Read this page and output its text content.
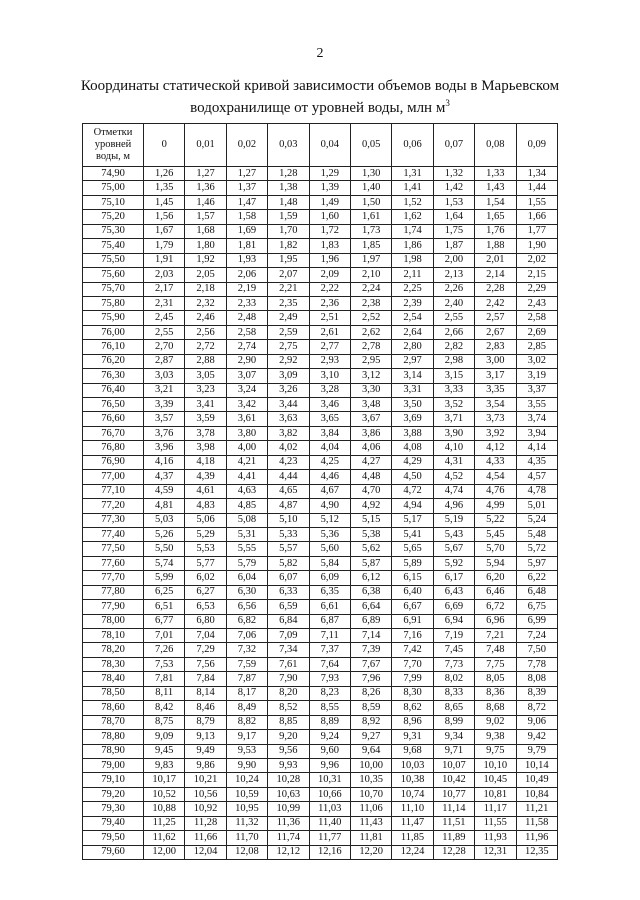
2
Координаты статической кривой зависимости объемов воды в Марьевском
водохранилище от уровней воды, млн $м^3$
Отметки уровней воды, м	0	0,01	0,02	0,03	0,04	0,05	0,06	0,07	0,08	0,09
74,90	1,26	1,27	1,27	1,28	1,29	1,30	1,31	1,32	1,33	1,34
75,00	1,35	1,36	1,37	1,38	1,39	1,40	1,41	1,42	1,43	1,44
75,10	1,45	1,46	1,47	1,48	1,49	1,50	1,52	1,53	1,54	1,55
75,20	1,56	1,57	1,58	1,59	1,60	1,61	1,62	1,64	1,65	1,66
75,30	1,67	1,68	1,69	1,70	1,72	1,73	1,74	1,75	1,76	1,77
75,40	1,79	1,80	1,81	1,82	1,83	1,85	1,86	1,87	1,88	1,90
75,50	1,91	1,92	1,93	1,95	1,96	1,97	1,98	2,00	2,01	2,02
75,60	2,03	2,05	2,06	2,07	2,09	2,10	2,11	2,13	2,14	2,15
75,70	2,17	2,18	2,19	2,21	2,22	2,24	2,25	2,26	2,28	2,29
75,80	2,31	2,32	2,33	2,35	2,36	2,38	2,39	2,40	2,42	2,43
75,90	2,45	2,46	2,48	2,49	2,51	2,52	2,54	2,55	2,57	2,58
76,00	2,55	2,56	2,58	2,59	2,61	2,62	2,64	2,66	2,67	2,69
76,10	2,70	2,72	2,74	2,75	2,77	2,78	2,80	2,82	2,83	2,85
76,20	2,87	2,88	2,90	2,92	2,93	2,95	2,97	2,98	3,00	3,02
76,30	3,03	3,05	3,07	3,09	3,10	3,12	3,14	3,15	3,17	3,19
76,40	3,21	3,23	3,24	3,26	3,28	3,30	3,31	3,33	3,35	3,37
76,50	3,39	3,41	3,42	3,44	3,46	3,48	3,50	3,52	3,54	3,55
76,60	3,57	3,59	3,61	3,63	3,65	3,67	3,69	3,71	3,73	3,74
76,70	3,76	3,78	3,80	3,82	3,84	3,86	3,88	3,90	3,92	3,94
76,80	3,96	3,98	4,00	4,02	4,04	4,06	4,08	4,10	4,12	4,14
76,90	4,16	4,18	4,21	4,23	4,25	4,27	4,29	4,31	4,33	4,35
77,00	4,37	4,39	4,41	4,44	4,46	4,48	4,50	4,52	4,54	4,57
77,10	4,59	4,61	4,63	4,65	4,67	4,70	4,72	4,74	4,76	4,78
77,20	4,81	4,83	4,85	4,87	4,90	4,92	4,94	4,96	4,99	5,01
77,30	5,03	5,06	5,08	5,10	5,12	5,15	5,17	5,19	5,22	5,24
77,40	5,26	5,29	5,31	5,33	5,36	5,38	5,41	5,43	5,45	5,48
77,50	5,50	5,53	5,55	5,57	5,60	5,62	5,65	5,67	5,70	5,72
77,60	5,74	5,77	5,79	5,82	5,84	5,87	5,89	5,92	5,94	5,97
77,70	5,99	6,02	6,04	6,07	6,09	6,12	6,15	6,17	6,20	6,22
77,80	6,25	6,27	6,30	6,33	6,35	6,38	6,40	6,43	6,46	6,48
77,90	6,51	6,53	6,56	6,59	6,61	6,64	6,67	6,69	6,72	6,75
78,00	6,77	6,80	6,82	6,84	6,87	6,89	6,91	6,94	6,96	6,99
78,10	7,01	7,04	7,06	7,09	7,11	7,14	7,16	7,19	7,21	7,24
78,20	7,26	7,29	7,32	7,34	7,37	7,39	7,42	7,45	7,48	7,50
78,30	7,53	7,56	7,59	7,61	7,64	7,67	7,70	7,73	7,75	7,78
78,40	7,81	7,84	7,87	7,90	7,93	7,96	7,99	8,02	8,05	8,08
78,50	8,11	8,14	8,17	8,20	8,23	8,26	8,30	8,33	8,36	8,39
78,60	8,42	8,46	8,49	8,52	8,55	8,59	8,62	8,65	8,68	8,72
78,70	8,75	8,79	8,82	8,85	8,89	8,92	8,96	8,99	9,02	9,06
78,80	9,09	9,13	9,17	9,20	9,24	9,27	9,31	9,34	9,38	9,42
78,90	9,45	9,49	9,53	9,56	9,60	9,64	9,68	9,71	9,75	9,79
79,00	9,83	9,86	9,90	9,93	9,96	10,00	10,03	10,07	10,10	10,14
79,10	10,17	10,21	10,24	10,28	10,31	10,35	10,38	10,42	10,45	10,49
79,20	10,52	10,56	10,59	10,63	10,66	10,70	10,74	10,77	10,81	10,84
79,30	10,88	10,92	10,95	10,99	11,03	11,06	11,10	11,14	11,17	11,21
79,40	11,25	11,28	11,32	11,36	11,40	11,43	11,47	11,51	11,55	11,58
79,50	11,62	11,66	11,70	11,74	11,77	11,81	11,85	11,89	11,93	11,96
79,60	12,00	12,04	12,08	12,12	12,16	12,20	12,24	12,28	12,31	12,35
